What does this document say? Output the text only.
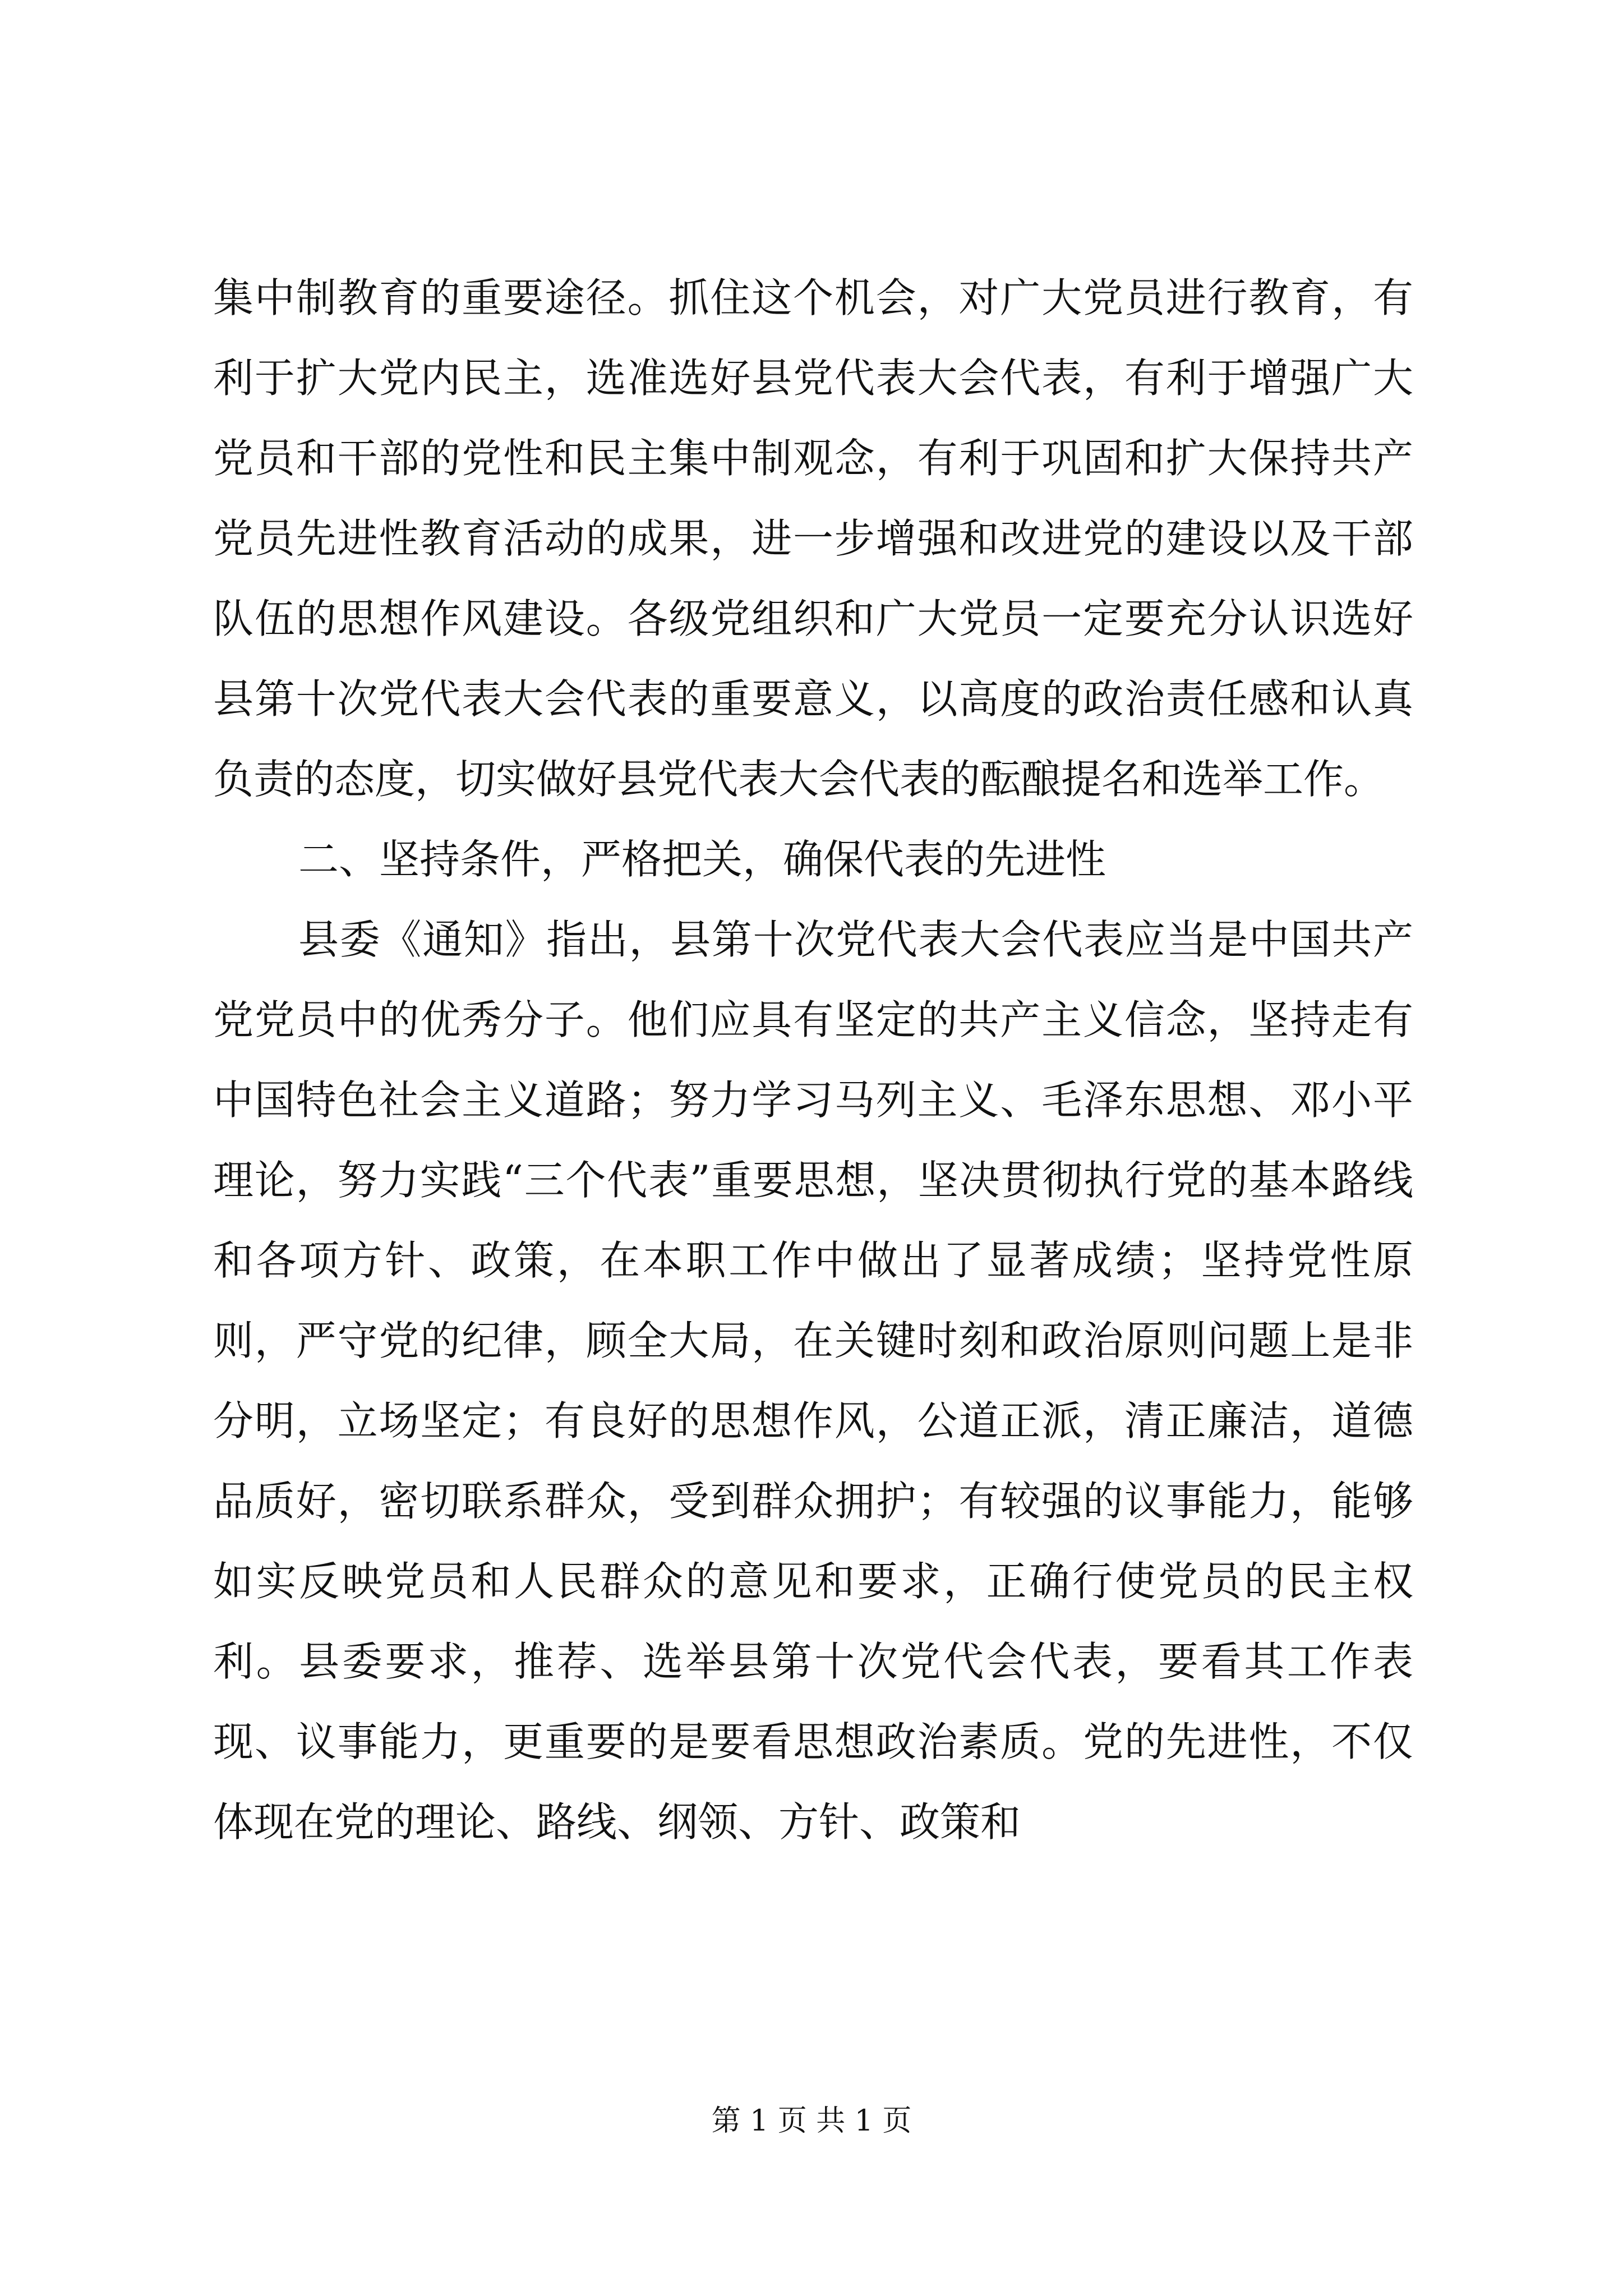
集中制教育的重要途径。抓住这个机会，对广大党员进行教育，有利于扩大党内民主，选准选好县党代表大会代表，有利于增强广大党员和干部的党性和民主集中制观念，有利于巩固和扩大保持共产党员先进性教育活动的成果，进一步增强和改进党的建设以及干部队伍的思想作风建设。各级党组织和广大党员一定要充分认识选好县第十次党代表大会代表的重要意义，以高度的政治责任感和认真负责的态度，切实做好县党代表大会代表的酝酿提名和选举工作。

二、坚持条件，严格把关，确保代表的先进性

县委《通知》指出，县第十次党代表大会代表应当是中国共产党党员中的优秀分子。他们应具有坚定的共产主义信念，坚持走有中国特色社会主义道路；努力学习马列主义、毛泽东思想、邓小平理论，努力实践“三个代表”重要思想，坚决贯彻执行党的基本路线和各项方针、政策，在本职工作中做出了显著成绩；坚持党性原则，严守党的纪律，顾全大局，在关键时刻和政治原则问题上是非分明，立场坚定；有良好的思想作风，公道正派，清正廉洁，道德品质好，密切联系群众，受到群众拥护；有较强的议事能力，能够如实反映党员和人民群众的意见和要求，正确行使党员的民主权利。县委要求，推荐、选举县第十次党代会代表，要看其工作表现、议事能力，更重要的是要看思想政治素质。党的先进性，不仅体现在党的理论、路线、纲领、方针、政策和

第 1 页 共 1 页
